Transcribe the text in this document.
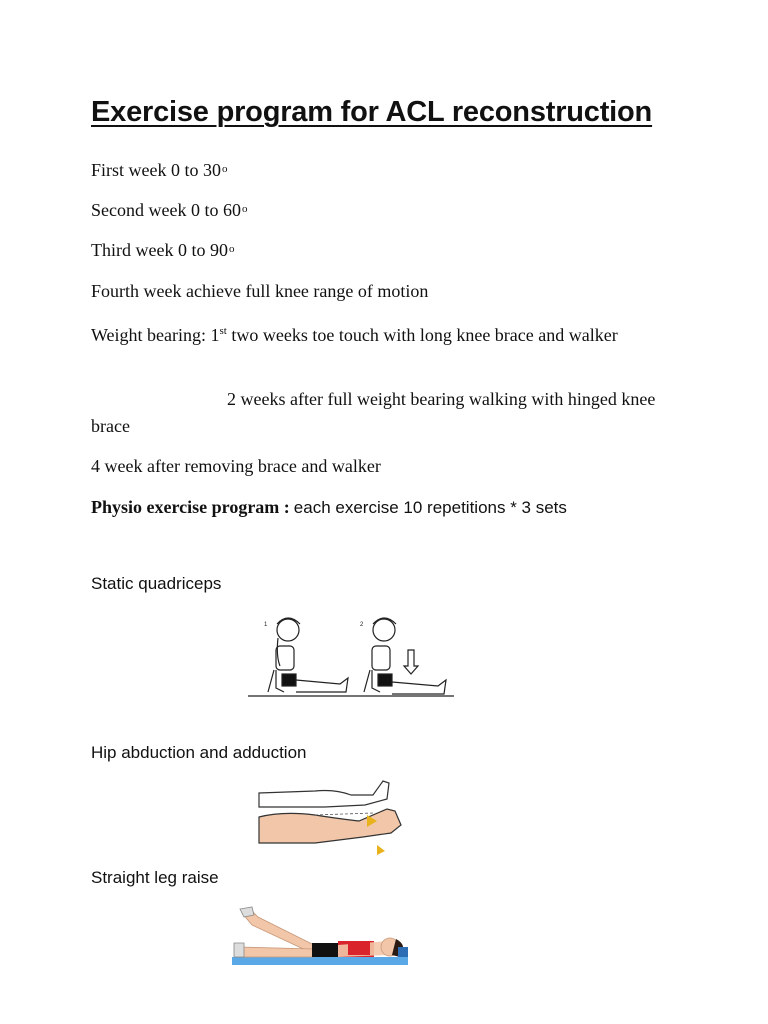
Exercise program for ACL reconstruction
First week 0 to 30$^o$
Second week 0 to 60$^o$
Third week 0 to 90$^o$
Fourth week achieve full knee range of motion
Weight bearing: 1st two weeks toe touch with long knee brace and walker
2 weeks after full weight bearing walking with hinged knee brace
4 week after removing brace and walker
Physio exercise program : each exercise 10 repetitions * 3 sets
Static quadriceps
1	2
Hip abduction and adduction
Straight leg raise
